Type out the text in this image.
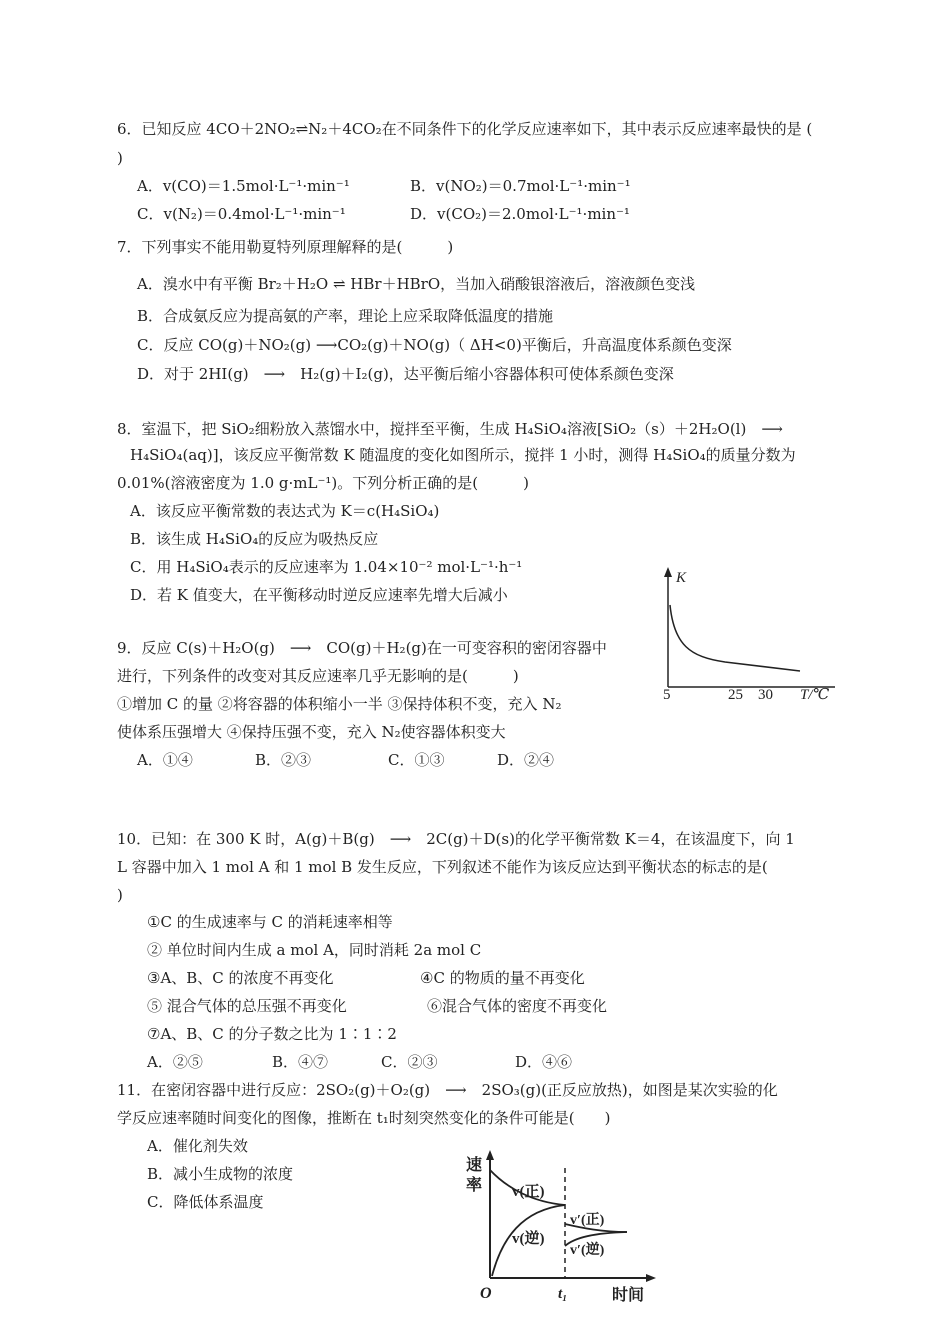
6．已知反应 4CO＋2NO₂⇌N₂＋4CO₂在不同条件下的化学反应速率如下，其中表示反应速率最快的是 (
)
A．v(CO)＝1.5mol·L⁻¹·min⁻¹	B．v(NO₂)＝0.7mol·L⁻¹·min⁻¹
C．v(N₂)＝0.4mol·L⁻¹·min⁻¹	D．v(CO₂)＝2.0mol·L⁻¹·min⁻¹
7．下列事实不能用勒夏特列原理解释的是(　　　)
A．溴水中有平衡 Br₂＋H₂O ⇌ HBr＋HBrO，当加入硝酸银溶液后，溶液颜色变浅
B．合成氨反应为提高氨的产率，理论上应采取降低温度的措施
C．反应 CO(g)＋NO₂(g) ⟶CO₂(g)＋NO(g)（ ΔH<0)平衡后，升高温度体系颜色变深
D．对于 2HI(g)　⟶　H₂(g)＋I₂(g)，达平衡后缩小容器体积可使体系颜色变深
8．室温下，把 SiO₂细粉放入蒸馏水中，搅拌至平衡，生成 H₄SiO₄溶液[SiO₂（s）＋2H₂O(l)　⟶
H₄SiO₄(aq)]，该反应平衡常数 K 随温度的变化如图所示，搅拌 1 小时，测得 H₄SiO₄的质量分数为
0.01%(溶液密度为 1.0 g·mL⁻¹)。下列分析正确的是(　　　)
A．该反应平衡常数的表达式为 K＝c(H₄SiO₄)
B．该生成 H₄SiO₄的反应为吸热反应
C．用 H₄SiO₄表示的反应速率为 1.04×10⁻² mol·L⁻¹·h⁻¹
D．若 K 值变大，在平衡移动时逆反应速率先增大后减小
K
5	25 30 T/℃
9．反应 C(s)＋H₂O(g)　⟶　CO(g)＋H₂(g)在一可变容积的密闭容器中
进行，下列条件的改变对其反应速率几乎无影响的是(　　　)
①增加 C 的量 ②将容器的体积缩小一半 ③保持体积不变，充入 N₂
使体系压强增大 ④保持压强不变，充入 N₂使容器体积变大
A．①④	B．②③	C．①③	D．②④
10．已知：在 300 K 时，A(g)＋B(g)　⟶　2C(g)＋D(s)的化学平衡常数 K＝4，在该温度下，向 1
L 容器中加入 1 mol A 和 1 mol B 发生反应，下列叙述不能作为该反应达到平衡状态的标志的是(
)
①C 的生成速率与 C 的消耗速率相等
② 单位时间内生成 a mol A，同时消耗 2a mol C
③A、B、C 的浓度不再变化	④C 的物质的量不再变化
⑤ 混合气体的总压强不再变化	⑥混合气体的密度不再变化
⑦A、B、C 的分子数之比为 1∶1∶2
A．②⑤	B．④⑦	C．②③	D．④⑥
11．在密闭容器中进行反应：2SO₂(g)＋O₂(g)　⟶　2SO₃(g)(正反应放热)，如图是某次实验的化
学反应速率随时间变化的图像，推断在 t₁时刻突然变化的条件可能是(　　)
A．催化剂失效
B．减小生成物的浓度
C．降低体系温度
速
率 v(正)
v(逆)
v′(正)
v′(逆)
O	t₁	时间
